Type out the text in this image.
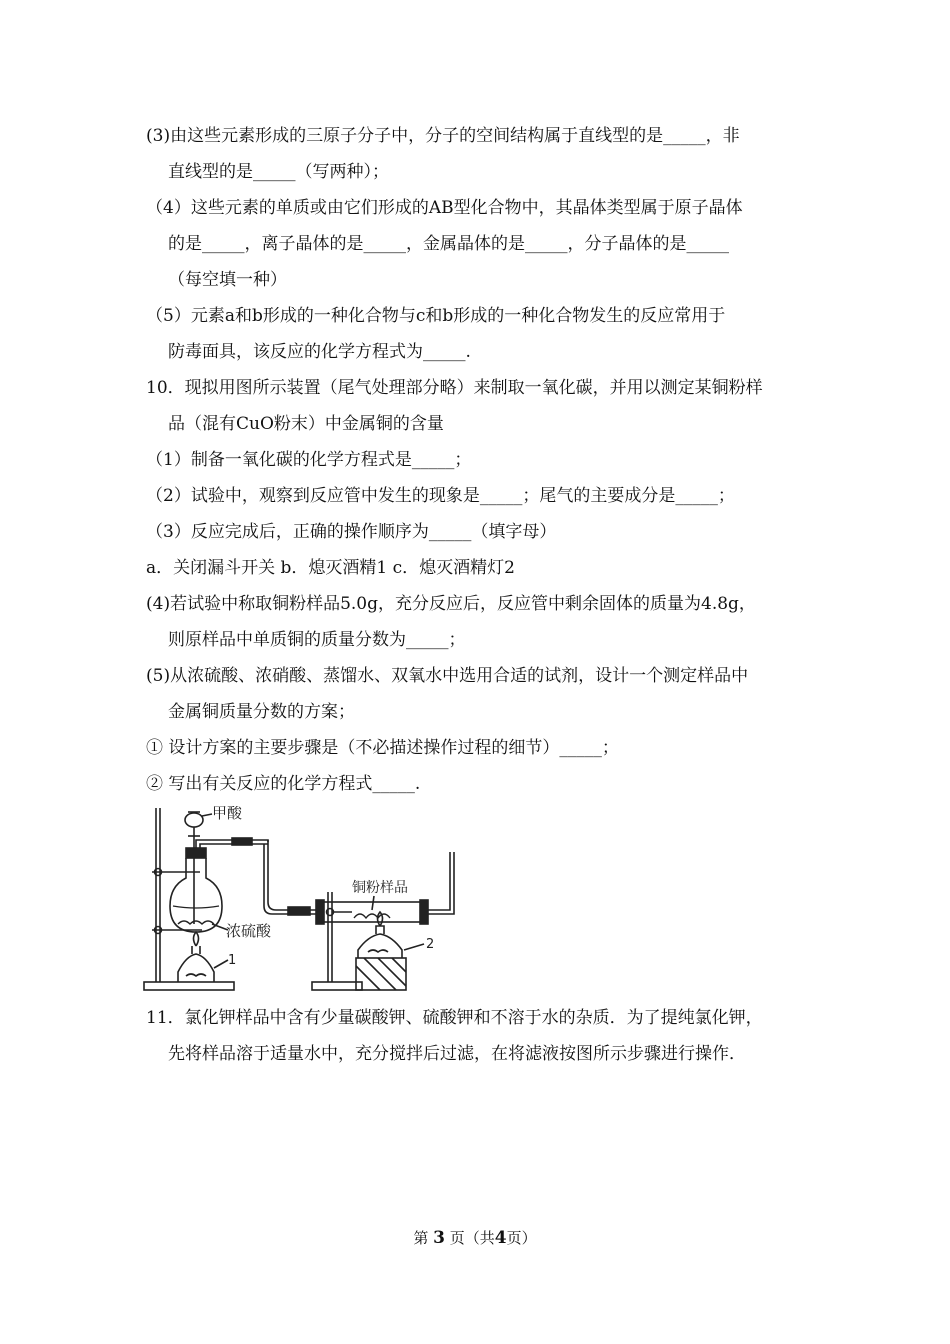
(3)由这些元素形成的三原子分子中，分子的空间结构属于直线型的是_____，非
直线型的是_____（写两种）；
（4）这些元素的单质或由它们形成的AB型化合物中，其晶体类型属于原子晶体
的是_____，离子晶体的是_____，金属晶体的是_____，分子晶体的是_____
（每空填一种）
（5）元素a和b形成的一种化合物与c和b形成的一种化合物发生的反应常用于
防毒面具，该反应的化学方程式为_____.
10．现拟用图所示装置（尾气处理部分略）来制取一氧化碳，并用以测定某铜粉样
品（混有CuO粉末）中金属铜的含量
（1）制备一氧化碳的化学方程式是_____；
（2）试验中，观察到反应管中发生的现象是_____；尾气的主要成分是_____；
（3）反应完成后，正确的操作顺序为_____（填字母）
a．关闭漏斗开关 b．熄灭酒精1 c．熄灭酒精灯2
(4)若试验中称取铜粉样品5.0g，充分反应后，反应管中剩余固体的质量为4.8g，
则原样品中单质铜的质量分数为_____；
(5)从浓硫酸、浓硝酸、蒸馏水、双氧水中选用合适的试剂，设计一个测定样品中
金属铜质量分数的方案；
① 设计方案的主要步骤是（不必描述操作过程的细节）_____；
② 写出有关反应的化学方程式_____.
甲酸
浓硫酸
1
铜粉样品
2
11．氯化钾样品中含有少量碳酸钾、硫酸钾和不溶于水的杂质．为了提纯氯化钾，
先将样品溶于适量水中，充分搅拌后过滤，在将滤液按图所示步骤进行操作．
第 3 页（共4页）
